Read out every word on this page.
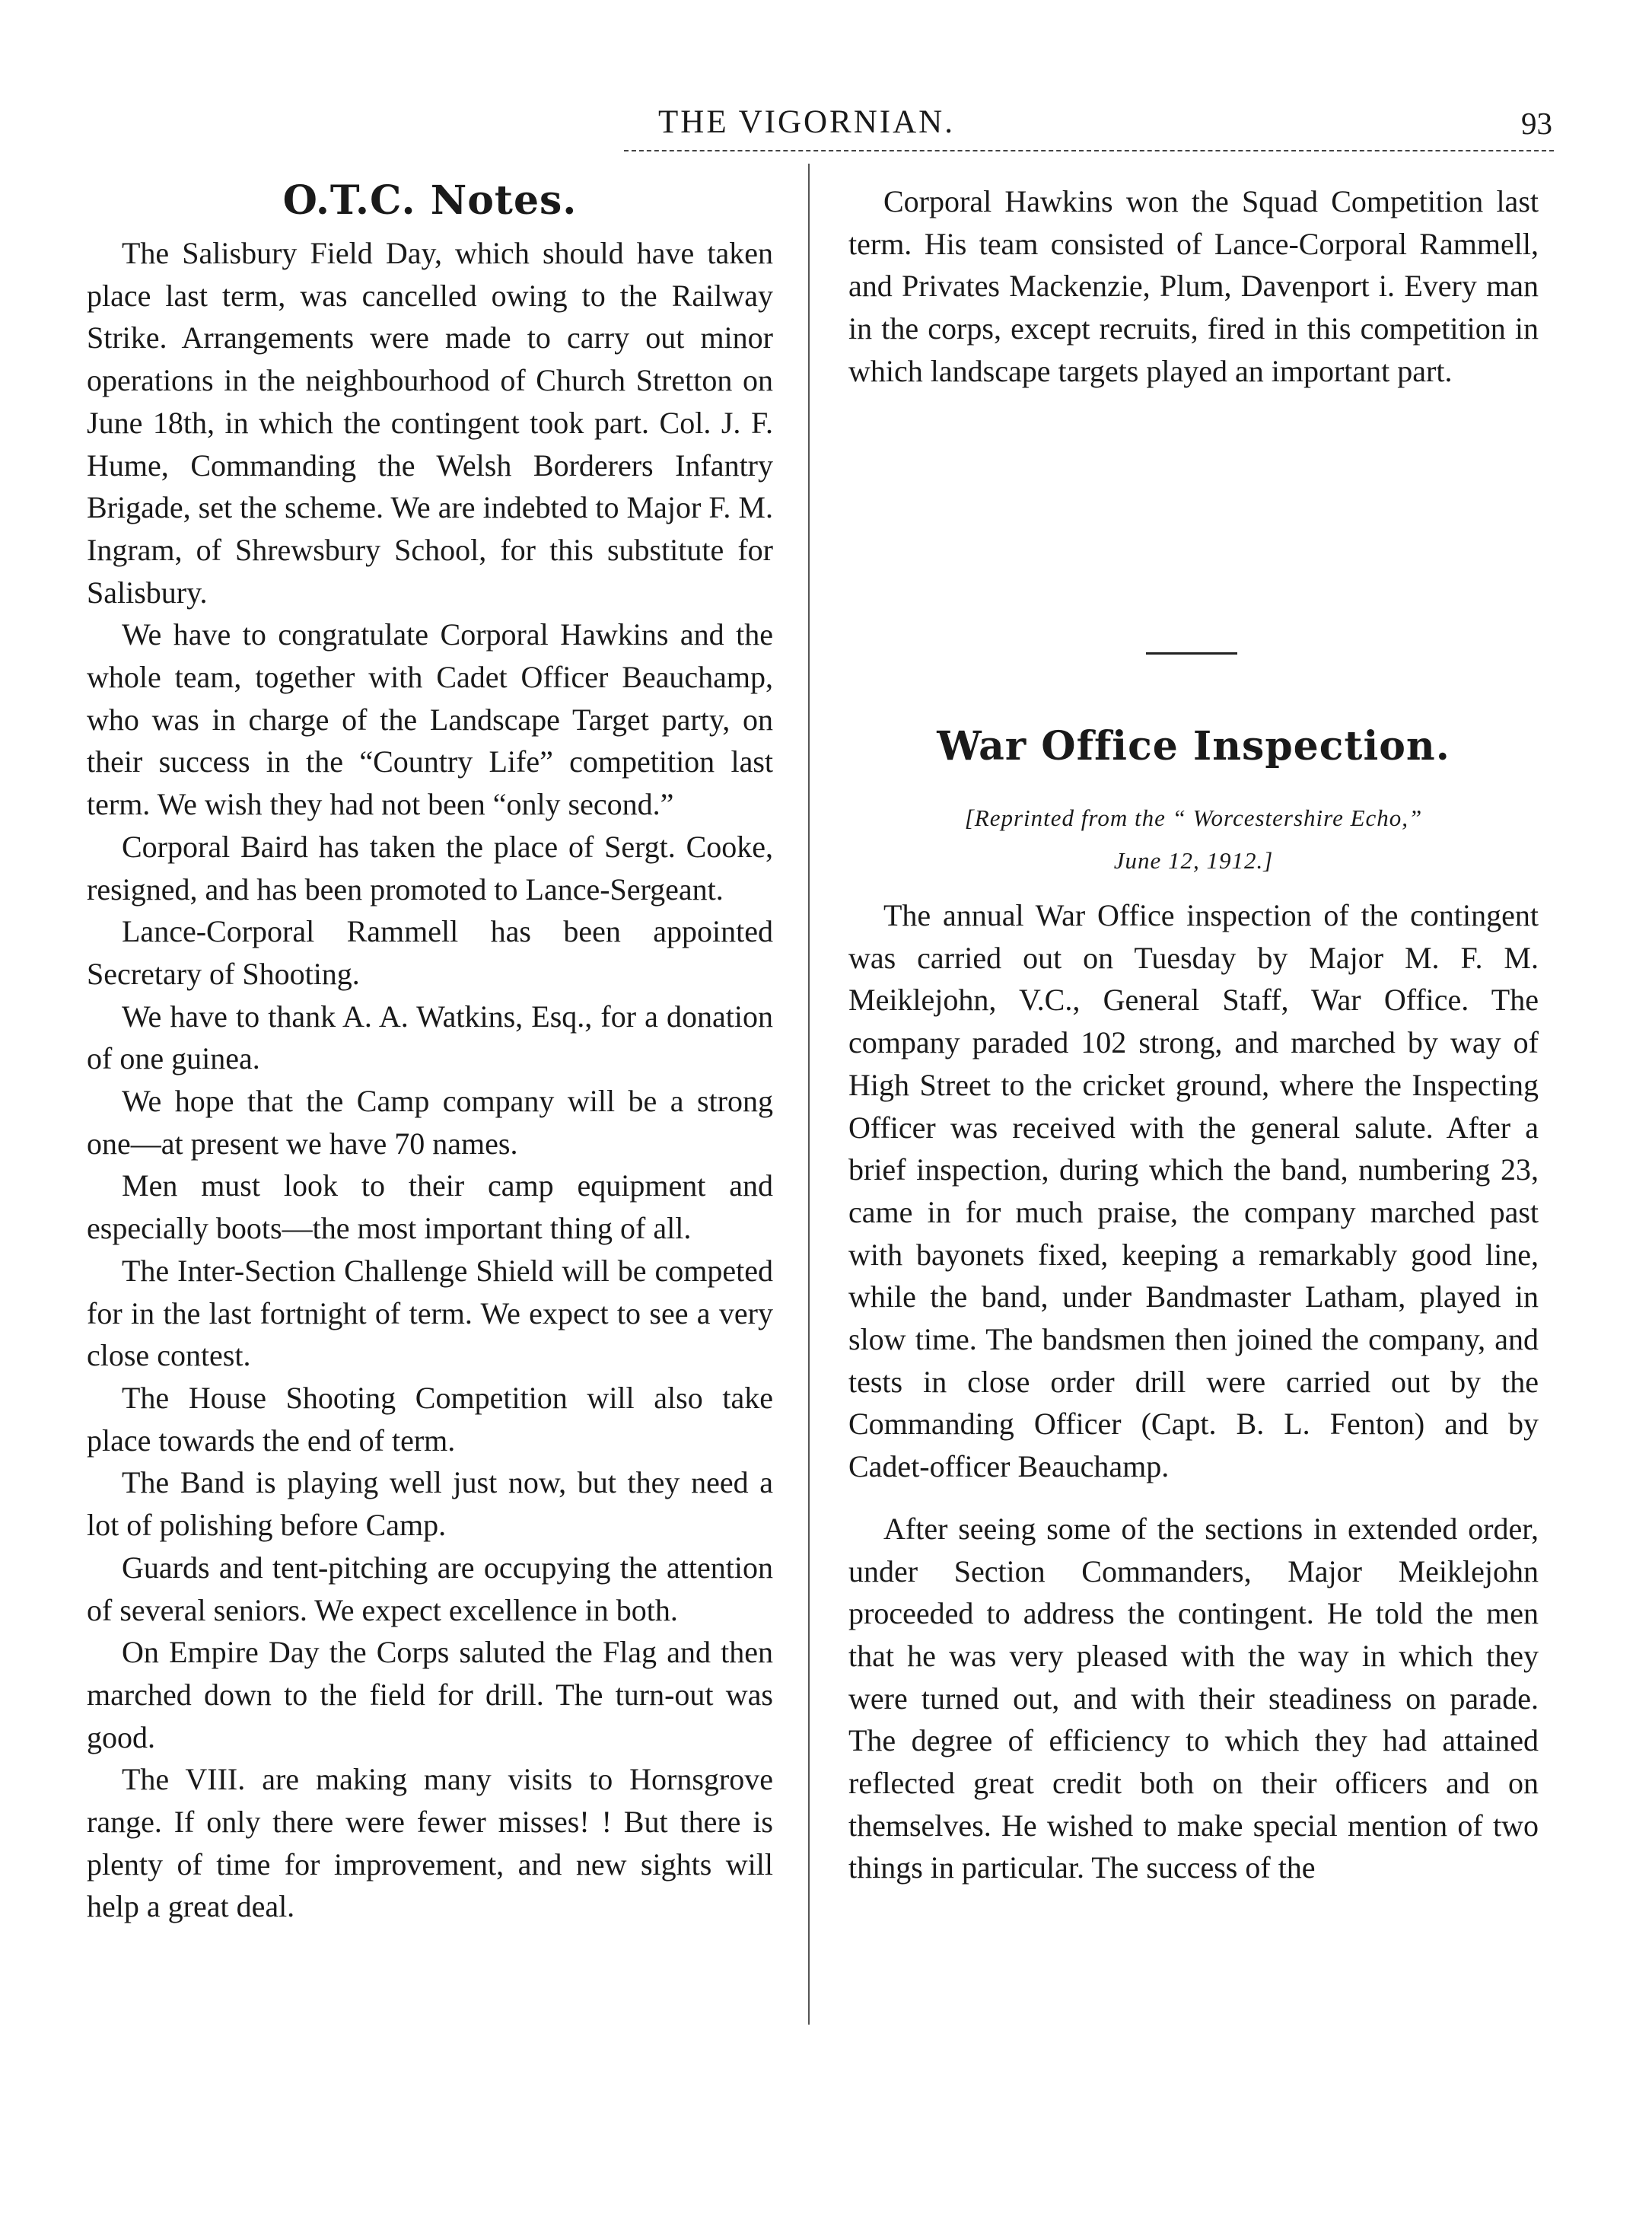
THE VIGORNIAN.	93
O.T.C. Notes.

The Salisbury Field Day, which should have taken place last term, was cancelled owing to the Railway Strike. Arrangements were made to carry out minor operations in the neighbourhood of Church Stretton on June 18th, in which the contingent took part. Col. J. F. Hume, Commanding the Welsh Borderers Infantry Brigade, set the scheme. We are indebted to Major F. M. Ingram, of Shrewsbury School, for this substitute for Salisbury.

We have to congratulate Corporal Hawkins and the whole team, together with Cadet Officer Beauchamp, who was in charge of the Landscape Target party, on their success in the “Country Life” competition last term. We wish they had not been “only second.”

Corporal Baird has taken the place of Sergt. Cooke, resigned, and has been promoted to Lance-Sergeant.

Lance-Corporal Rammell has been appointed Secretary of Shooting.

We have to thank A. A. Watkins, Esq., for a donation of one guinea.

We hope that the Camp company will be a strong one—at present we have 70 names.

Men must look to their camp equipment and especially boots—the most important thing of all.

The Inter-Section Challenge Shield will be competed for in the last fortnight of term. We expect to see a very close contest.

The House Shooting Competition will also take place towards the end of term.

The Band is playing well just now, but they need a lot of polishing before Camp.

Guards and tent-pitching are occupying the attention of several seniors. We expect excellence in both.

On Empire Day the Corps saluted the Flag and then marched down to the field for drill. The turn-out was good.

The VIII. are making many visits to Hornsgrove range. If only there were fewer misses! ! But there is plenty of time for improvement, and new sights will help a great deal.

Corporal Hawkins won the Squad Competition last term. His team consisted of Lance-Corporal Rammell, and Privates Mackenzie, Plum, Davenport i. Every man in the corps, except recruits, fired in this competition in which landscape targets played an important part.

War Office Inspection.
[Reprinted from the “ Worcestershire Echo,”
June 12, 1912.]

The annual War Office inspection of the contingent was carried out on Tuesday by Major M. F. M. Meiklejohn, V.C., General Staff, War Office. The company paraded 102 strong, and marched by way of High Street to the cricket ground, where the Inspecting Officer was received with the general salute. After a brief inspection, during which the band, numbering 23, came in for much praise, the company marched past with bayonets fixed, keeping a remarkably good line, while the band, under Bandmaster Latham, played in slow time. The bandsmen then joined the company, and tests in close order drill were carried out by the Commanding Officer (Capt. B. L. Fenton) and by Cadet-officer Beauchamp.

After seeing some of the sections in extended order, under Section Commanders, Major Meiklejohn proceeded to address the contingent. He told the men that he was very pleased with the way in which they were turned out, and with their steadiness on parade. The degree of efficiency to which they had attained reflected great credit both on their officers and on themselves. He wished to make special mention of two things in particular. The success of the
